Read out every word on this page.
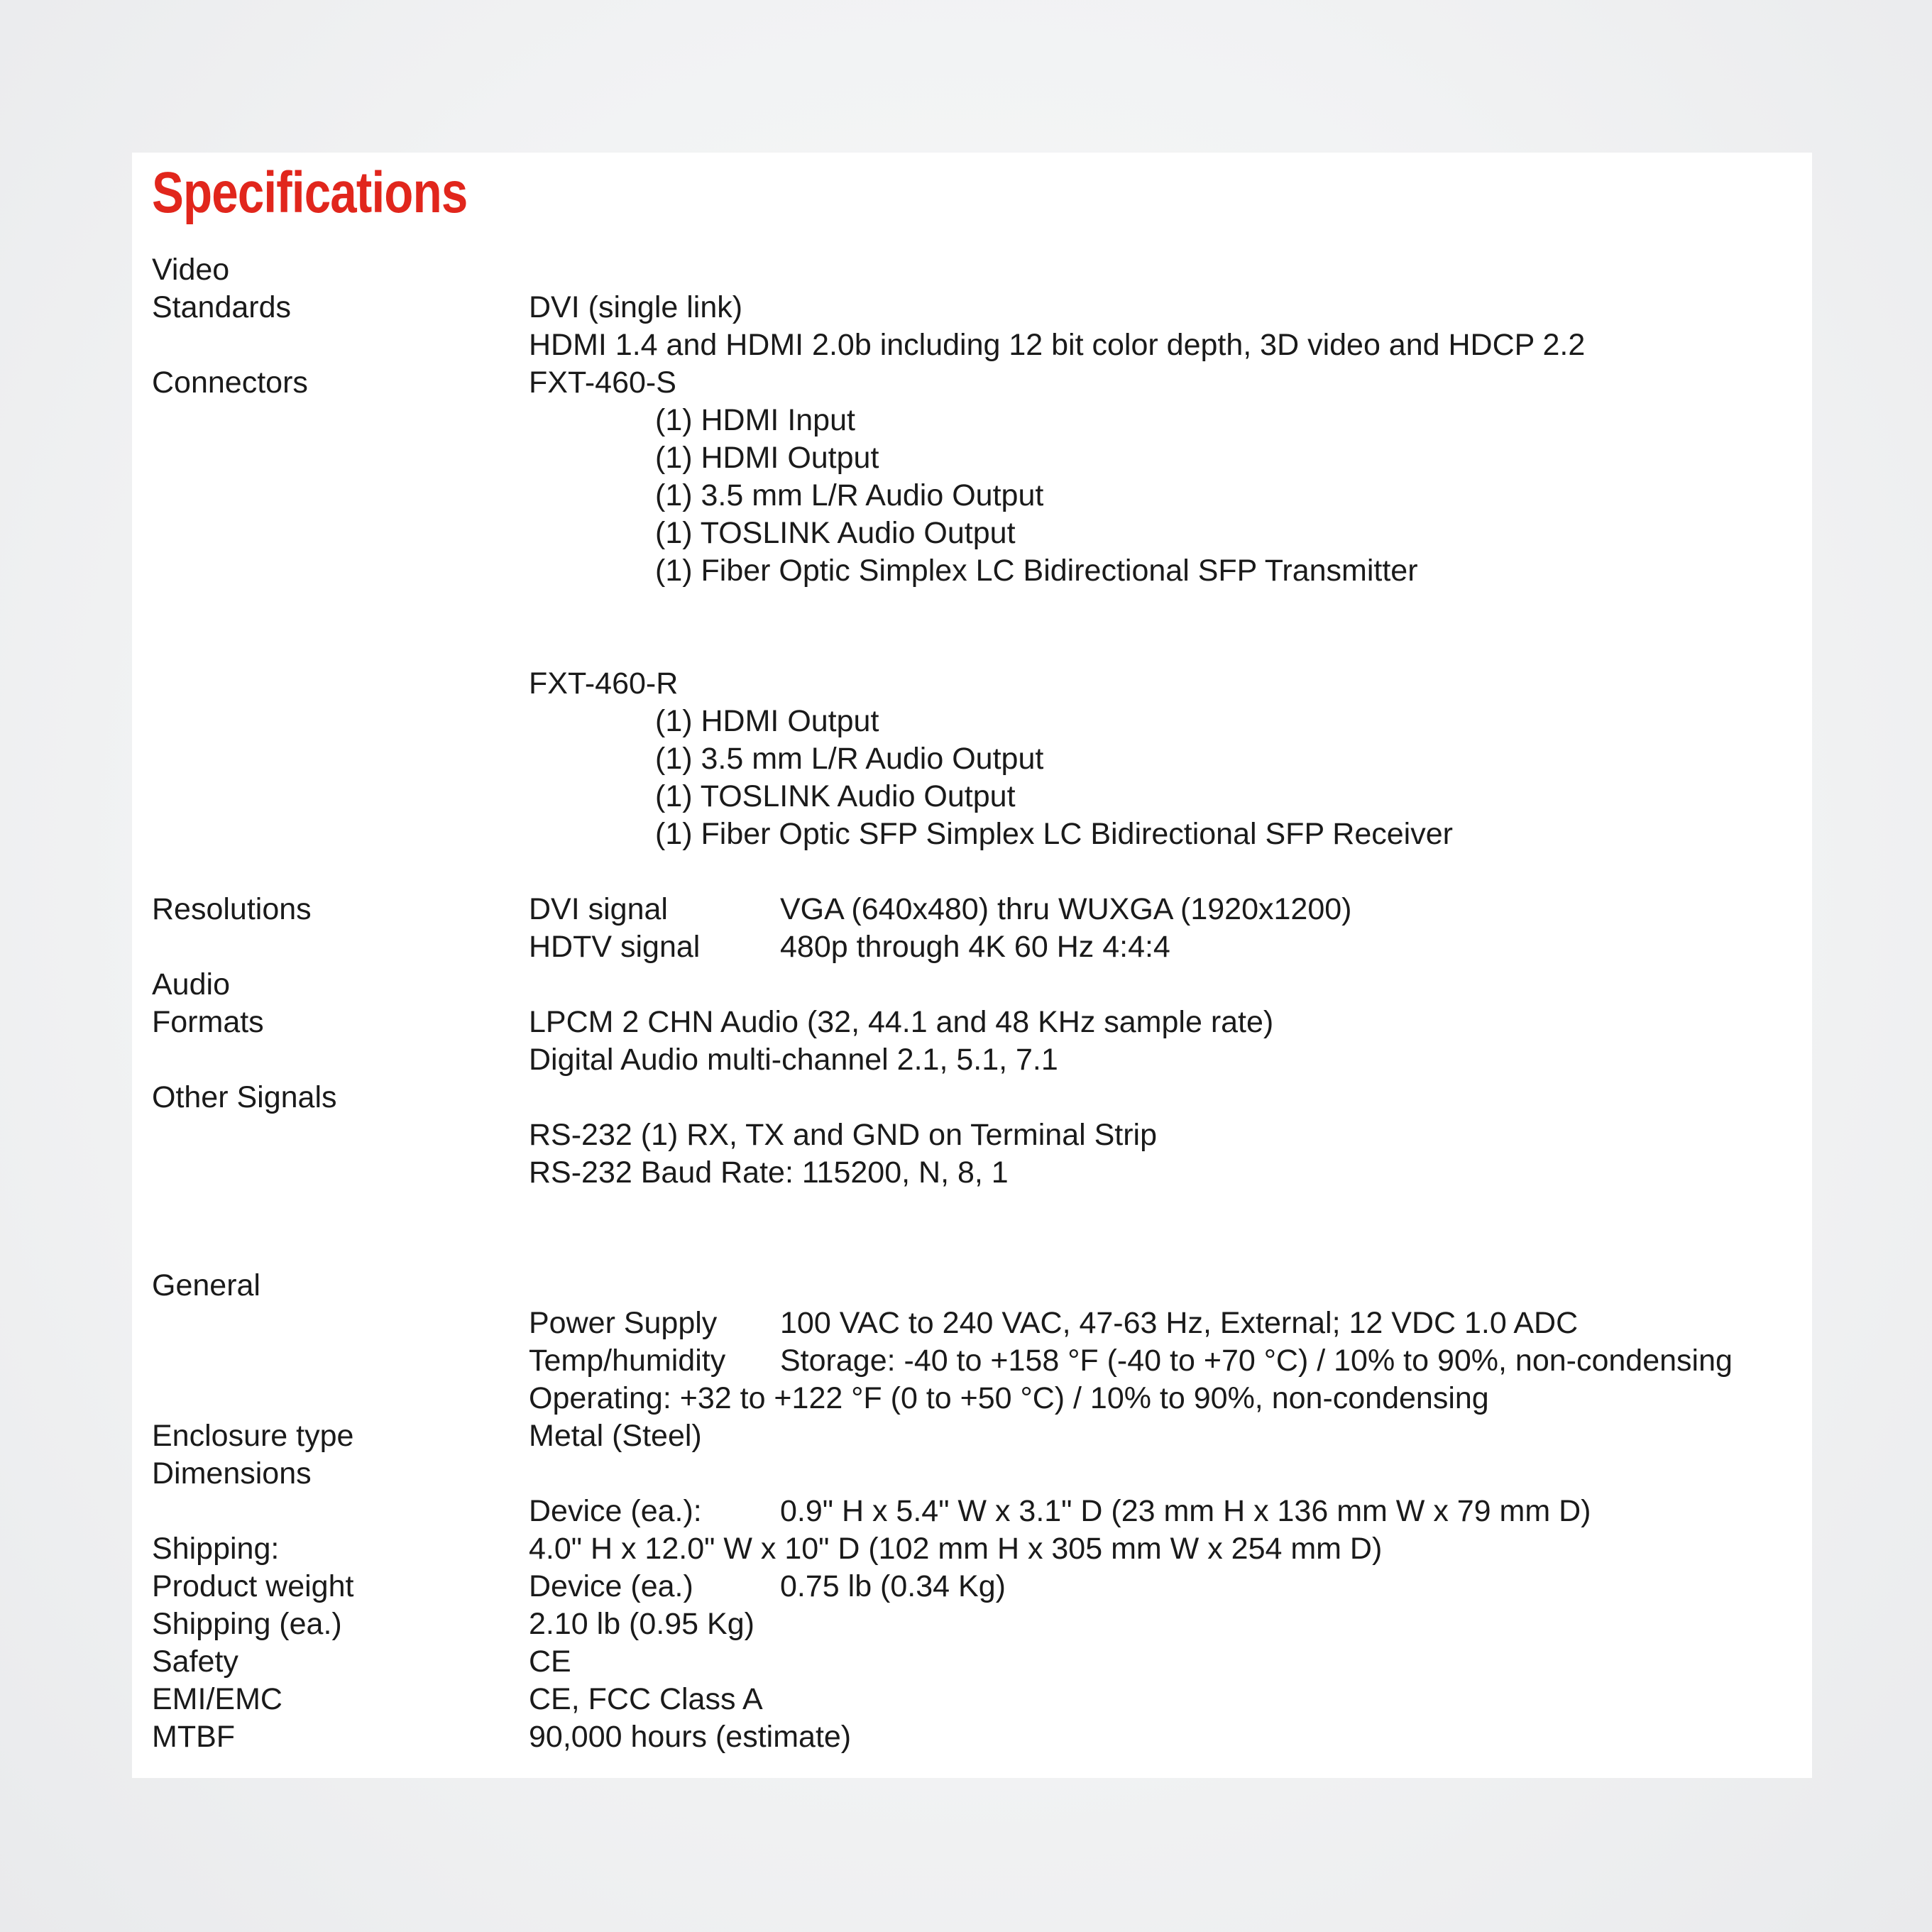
Specifications
Video
Standards	DVI (single link)
HDMI 1.4 and HDMI 2.0b including 12 bit color depth, 3D video and HDCP 2.2
Connectors	FXT-460-S
(1) HDMI Input
(1) HDMI Output
(1) 3.5 mm L/R Audio Output
(1) TOSLINK Audio Output
(1) Fiber Optic Simplex LC Bidirectional SFP Transmitter
FXT-460-R
(1) HDMI Output
(1) 3.5 mm L/R Audio Output
(1) TOSLINK Audio Output
(1) Fiber Optic SFP Simplex LC Bidirectional SFP Receiver
Resolutions	DVI signal	VGA (640x480) thru WUXGA (1920x1200)
HDTV signal	480p through 4K 60 Hz 4:4:4
Audio
Formats	LPCM 2 CHN Audio (32, 44.1 and 48 KHz sample rate)
Digital Audio multi-channel 2.1, 5.1, 7.1
Other Signals
RS-232 (1) RX, TX and GND on Terminal Strip
RS-232 Baud Rate: 115200, N, 8, 1
General
Power Supply 100 VAC to 240 VAC, 47-63 Hz, External; 12 VDC 1.0 ADC
Temp/humidity Storage: -40 to +158 °F (-40 to +70 °C) / 10% to 90%, non-condensing
Operating: +32 to +122 °F (0 to +50 °C) / 10% to 90%, non-condensing
Enclosure type	Metal (Steel)
Dimensions
Device (ea.):	0.9" H x 5.4" W x 3.1" D (23 mm H x 136 mm W x 79 mm D)
Shipping:	4.0" H x 12.0" W x 10" D (102 mm H x 305 mm W x 254 mm D)
Product weight	Device (ea.)	0.75 lb (0.34 Kg)
Shipping (ea.)	2.10 lb (0.95 Kg)
Safety	CE
EMI/EMC	CE, FCC Class A
MTBF	90,000 hours (estimate)
